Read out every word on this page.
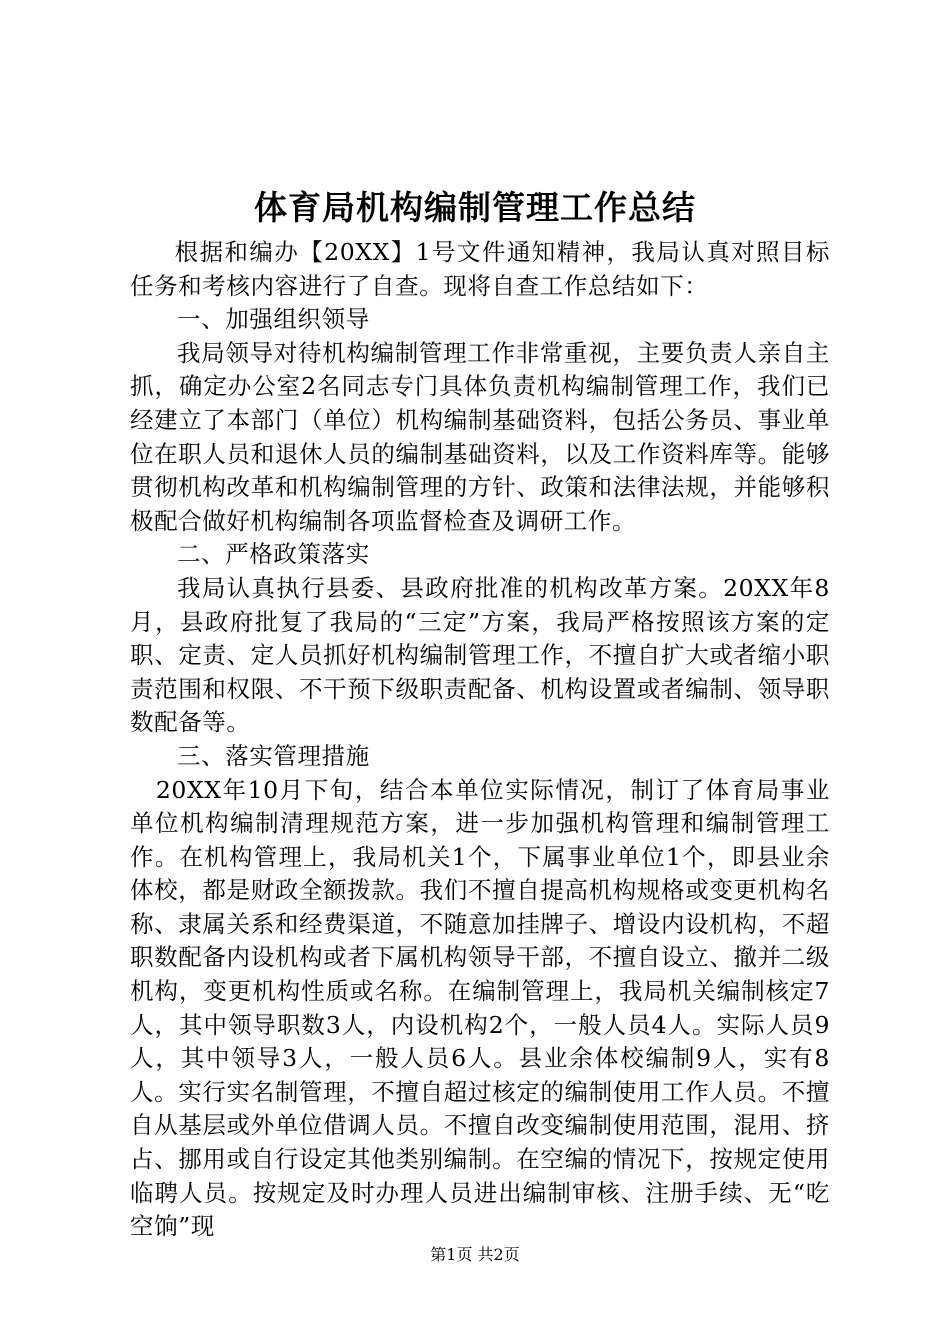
体育局机构编制管理工作总结

根据和编办【20XX】1号文件通知精神，我局认真对照目标任务和考核内容进行了自查。现将自查工作总结如下：

一、加强组织领导

我局领导对待机构编制管理工作非常重视，主要负责人亲自主抓，确定办公室2名同志专门具体负责机构编制管理工作，我们已经建立了本部门（单位）机构编制基础资料，包括公务员、事业单位在职人员和退休人员的编制基础资料，以及工作资料库等。能够贯彻机构改革和机构编制管理的方针、政策和法律法规，并能够积极配合做好机构编制各项监督检查及调研工作。

二、严格政策落实

我局认真执行县委、县政府批准的机构改革方案。20XX年8月，县政府批复了我局的“三定”方案，我局严格按照该方案的定职、定责、定人员抓好机构编制管理工作，不擅自扩大或者缩小职责范围和权限、不干预下级职责配备、机构设置或者编制、领导职数配备等。

三、落实管理措施

20XX年10月下旬，结合本单位实际情况，制订了体育局事业单位机构编制清理规范方案，进一步加强机构管理和编制管理工作。在机构管理上，我局机关1个，下属事业单位1个，即县业余体校，都是财政全额拨款。我们不擅自提高机构规格或变更机构名称、隶属关系和经费渠道，不随意加挂牌子、增设内设机构，不超职数配备内设机构或者下属机构领导干部，不擅自设立、撤并二级机构，变更机构性质或名称。在编制管理上，我局机关编制核定7人，其中领导职数3人，内设机构2个，一般人员4人。实际人员9人，其中领导3人，一般人员6人。县业余体校编制9人，实有8人。实行实名制管理，不擅自超过核定的编制使用工作人员。不擅自从基层或外单位借调人员。不擅自改变编制使用范围，混用、挤占、挪用或自行设定其他类别编制。在空编的情况下，按规定使用临聘人员。按规定及时办理人员进出编制审核、注册手续、无“吃空饷”现

第1页 共2页
